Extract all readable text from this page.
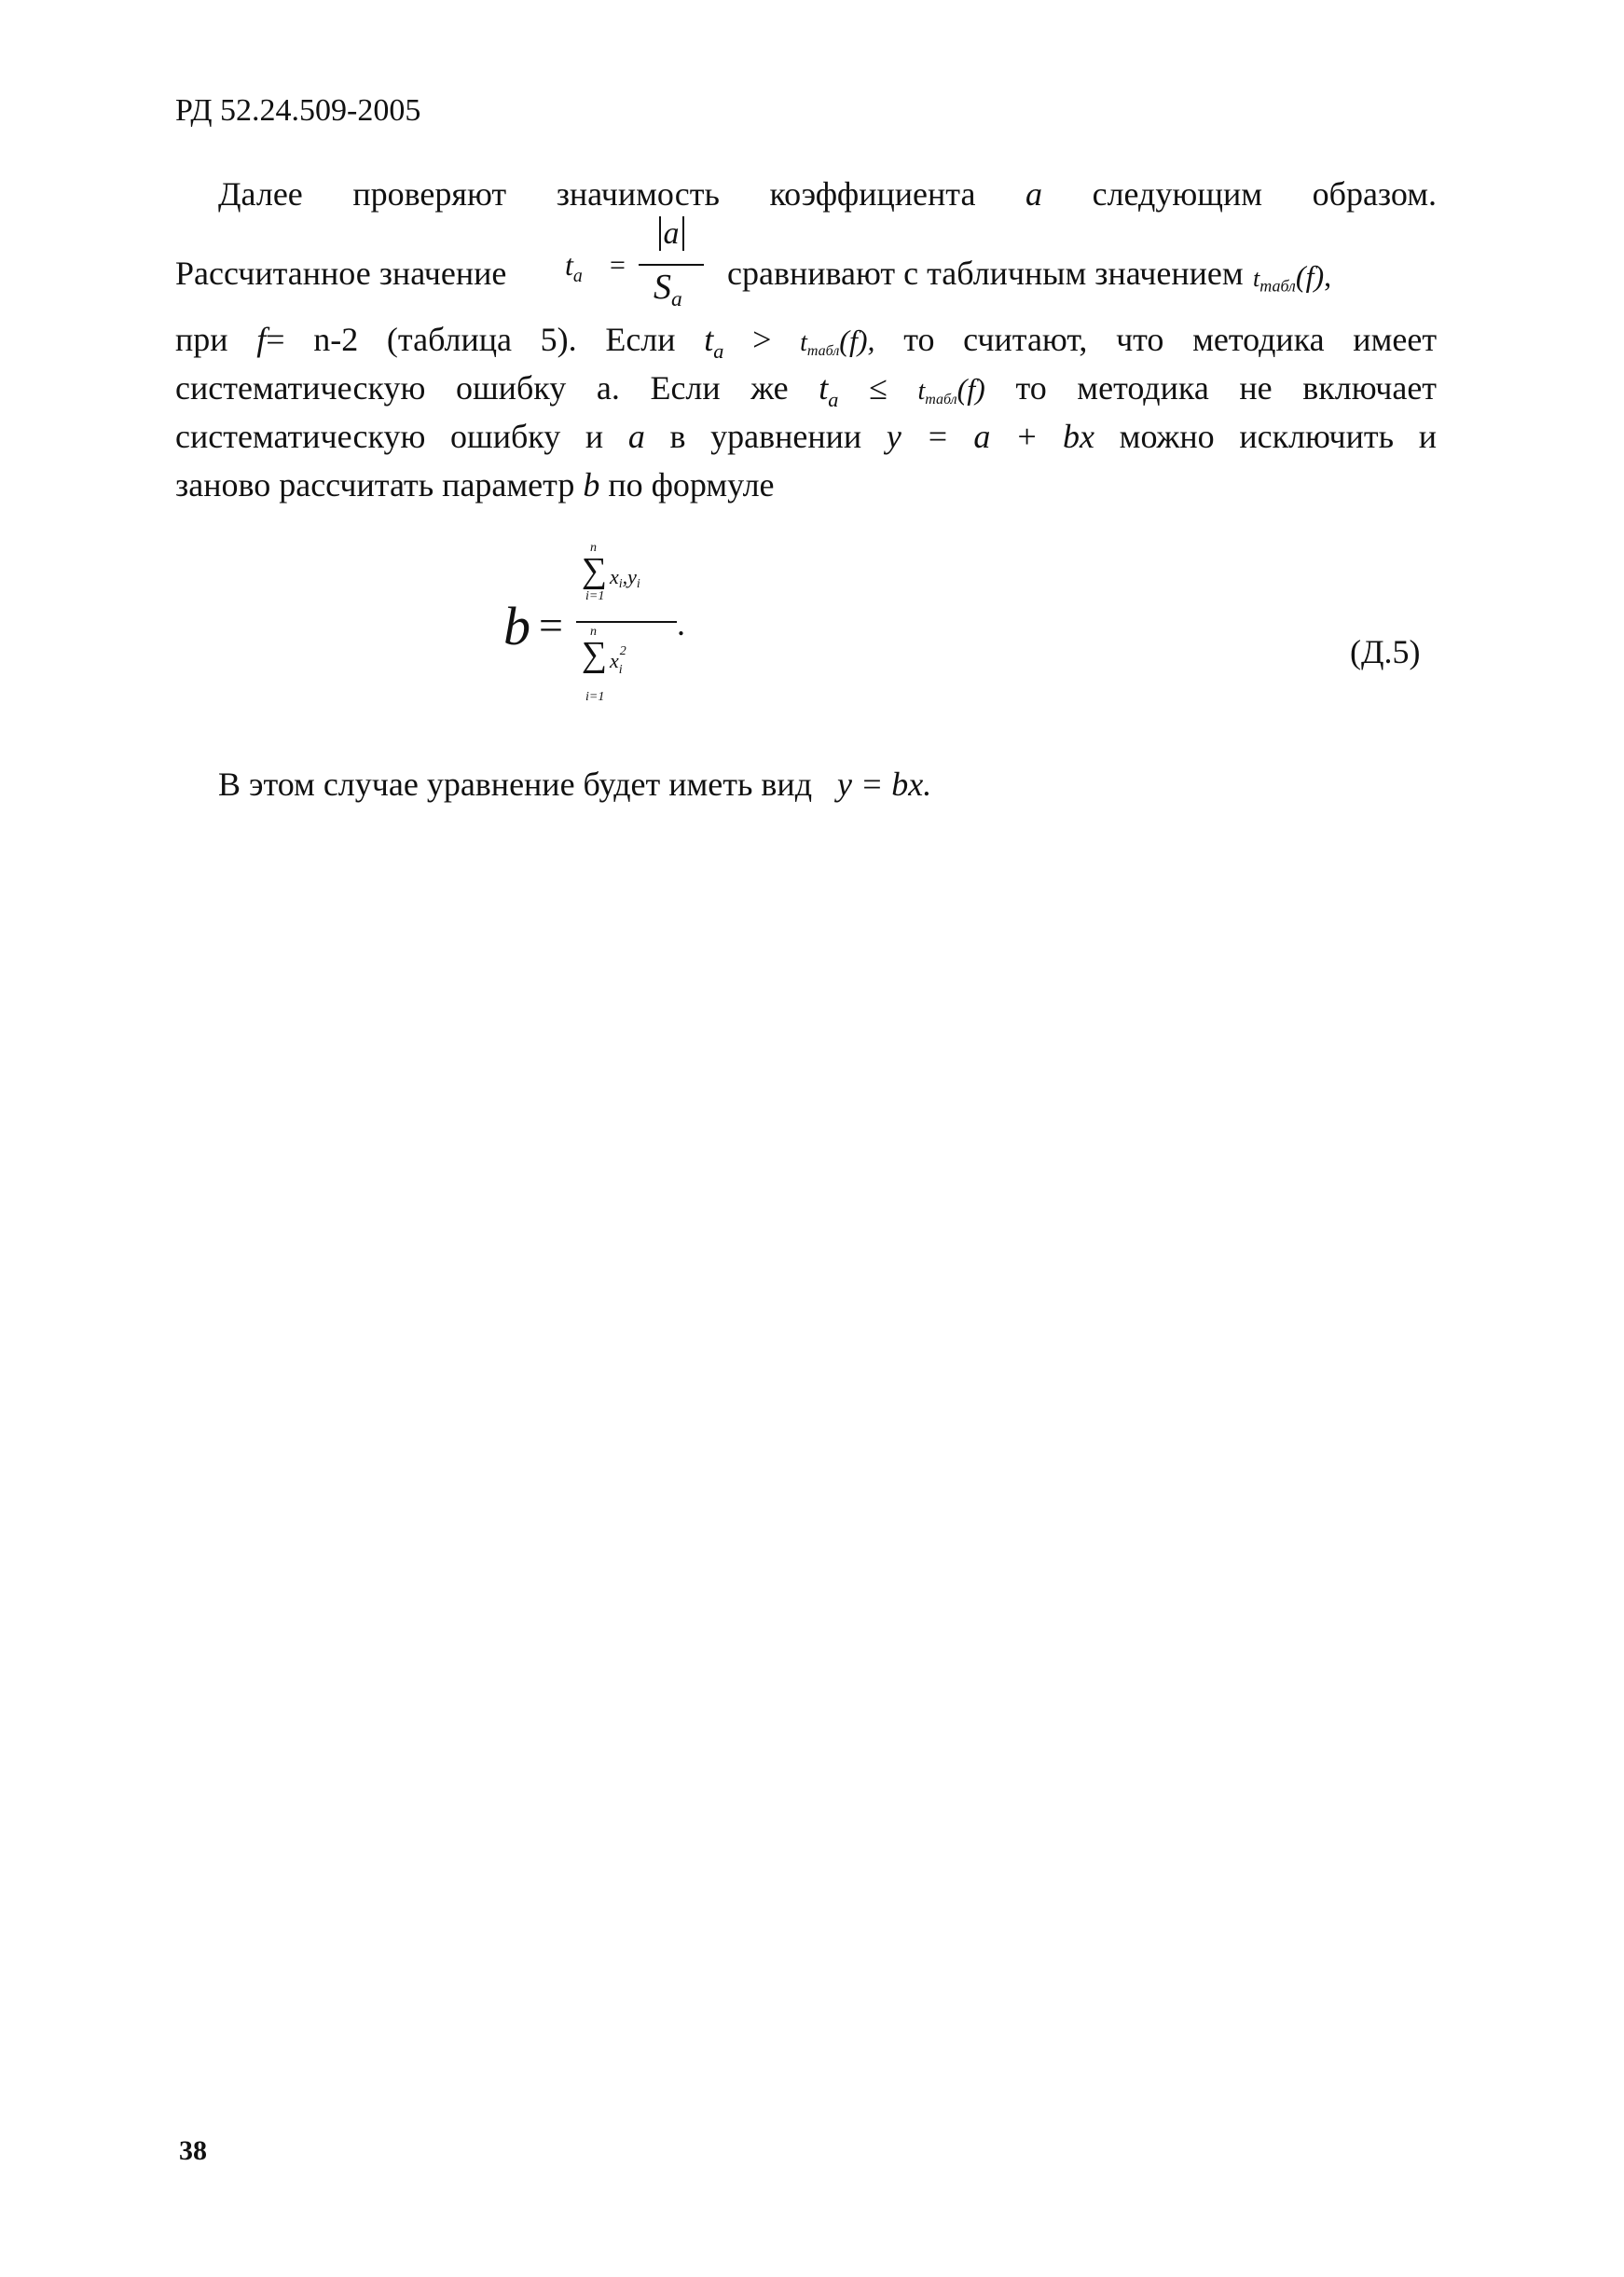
РД 52.24.509-2005
Далее проверяют значимость коэффициента a следующим образом.
Рассчитанное значение $t_a$ =
a
$S_a$
сравнивают с табличным значением $t_{табл}(f)$,
при f= n-2 (таблица 5). Если $t_a$ > tтабл(f), то считают, что методика имеет
систематическую ошибку a. Если же $t_a$ ≤ tтабл(f) то методика не включает
систематическую ошибку и a в уравнении y = a + bx можно исключить и
заново рассчитать параметр b по формуле
b =
n
∑ xi,yi
i=1
.
n
∑ x 2
i
i=1
(Д.5)
В этом случае уравнение будет иметь вид y = bx.
38
